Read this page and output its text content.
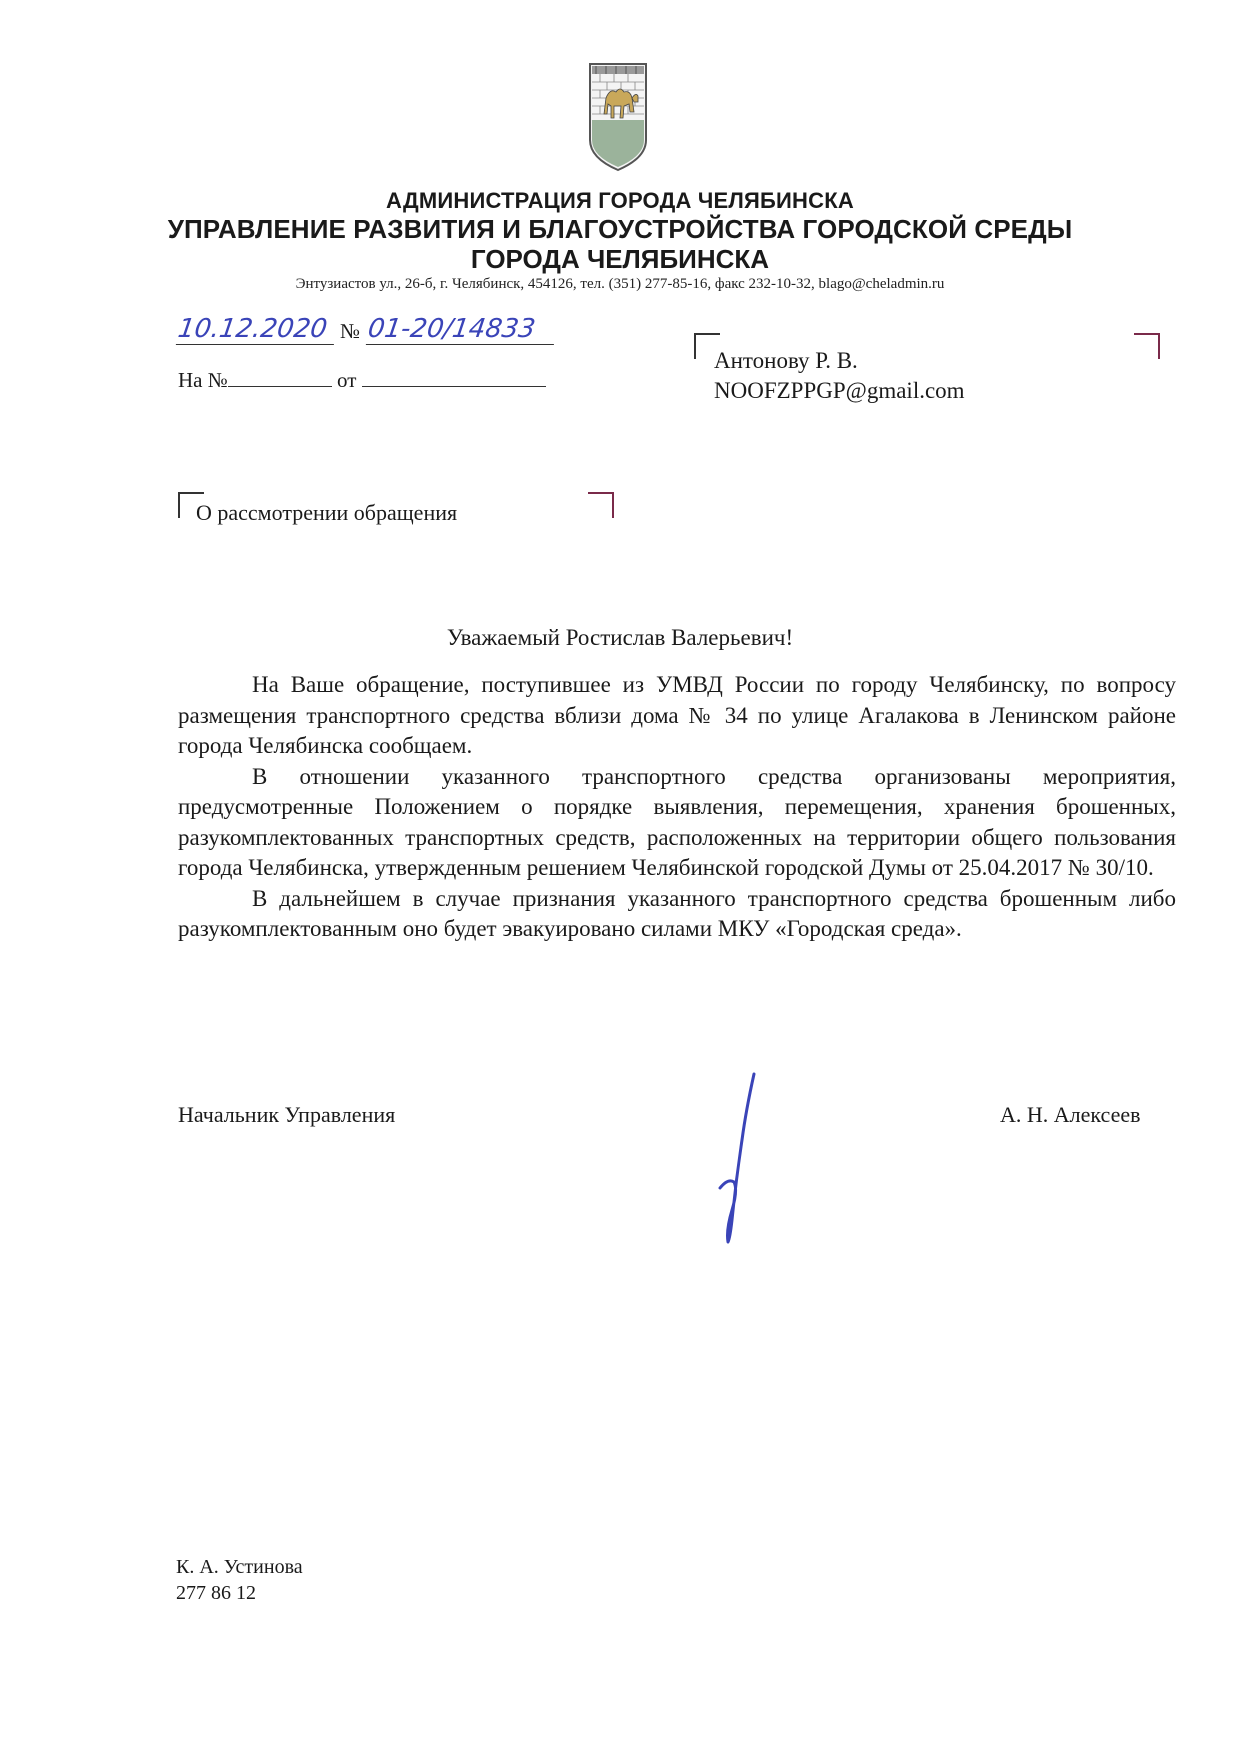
АДМИНИСТРАЦИЯ ГОРОДА ЧЕЛЯБИНСКА
УПРАВЛЕНИЕ РАЗВИТИЯ И БЛАГОУСТРОЙСТВА ГОРОДСКОЙ СРЕДЫ
ГОРОДА ЧЕЛЯБИНСКА
Энтузиастов ул., 26-б, г. Челябинск, 454126, тел. (351) 277-85-16, факс 232-10-32, blago@cheladmin.ru
10.12.2020 № 01-20/14833
На №	от
Антонову Р. В.
NOOFZPPGP@gmail.com
О рассмотрении обращения
Уважаемый Ростислав Валерьевич!

На Ваше обращение, поступившее из УМВД России по городу Челябинску, по вопросу размещения транспортного средства вблизи дома № 34 по улице Агалакова в Ленинском районе города Челябинска сообщаем.

В отношении указанного транспортного средства организованы мероприятия, предусмотренные Положением о порядке выявления, перемещения, хранения брошенных, разукомплектованных транспортных средств, расположенных на территории общего пользования города Челябинска, утвержденным решением Челябинской городской Думы от 25.04.2017 № 30/10.

В дальнейшем в случае признания указанного транспортного средства брошенным либо разукомплектованным оно будет эвакуировано силами МКУ «Городская среда».

Начальник Управления	А. Н. Алексеев
К. А. Устинова
277 86 12
